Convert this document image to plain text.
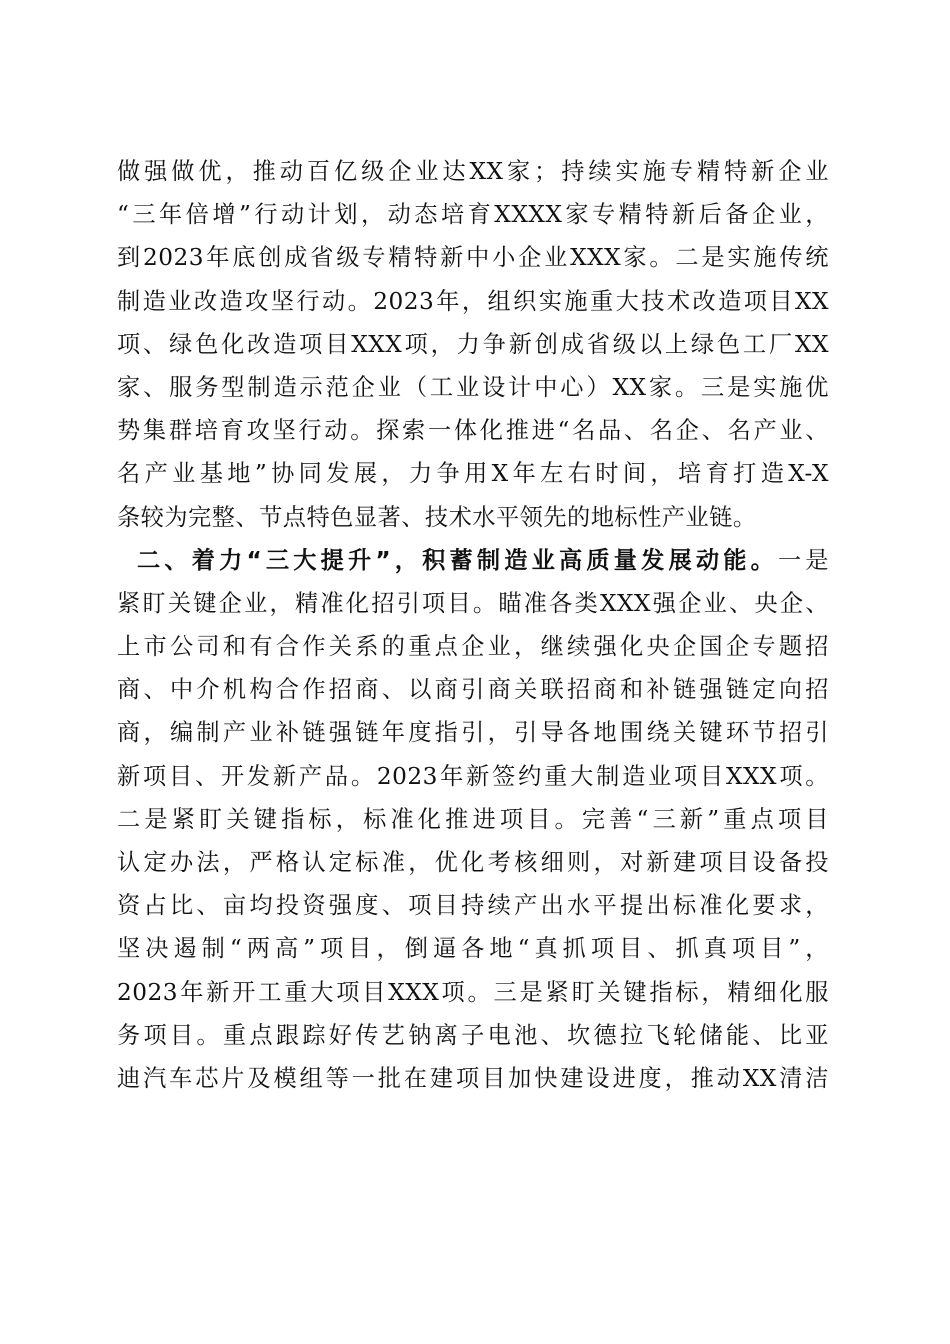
做强做优，推动百亿级企业达XX家；持续实施专精特新企业
“三年倍增”行动计划，动态培育XXXX家专精特新后备企业，
到2023年底创成省级专精特新中小企业XXX家。二是实施传统
制造业改造攻坚行动。2023年，组织实施重大技术改造项目XX
项、绿色化改造项目XXX项，力争新创成省级以上绿色工厂XX
家、服务型制造示范企业（工业设计中心）XX家。三是实施优
势集群培育攻坚行动。探索一体化推进“名品、名企、名产业、
名产业基地”协同发展，力争用X年左右时间，培育打造X-X
条较为完整、节点特色显著、技术水平领先的地标性产业链。
二、着力“三大提升”，积蓄制造业高质量发展动能。一是
紧盯关键企业，精准化招引项目。瞄准各类XXX强企业、央企、
上市公司和有合作关系的重点企业，继续强化央企国企专题招
商、中介机构合作招商、以商引商关联招商和补链强链定向招
商，编制产业补链强链年度指引，引导各地围绕关键环节招引
新项目、开发新产品。2023年新签约重大制造业项目XXX项。
二是紧盯关键指标，标准化推进项目。完善“三新”重点项目
认定办法，严格认定标准，优化考核细则，对新建项目设备投
资占比、亩均投资强度、项目持续产出水平提出标准化要求，
坚决遏制“两高”项目，倒逼各地“真抓项目、抓真项目”，
2023年新开工重大项目XXX项。三是紧盯关键指标，精细化服
务项目。重点跟踪好传艺钠离子电池、坎德拉飞轮储能、比亚
迪汽车芯片及模组等一批在建项目加快建设进度，推动XX清洁
